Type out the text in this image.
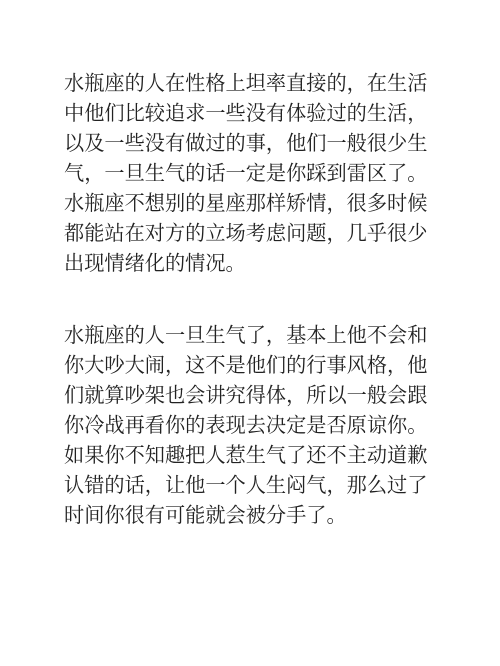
水瓶座的人在性格上坦率直接的，在生活
中他们比较追求一些没有体验过的生活，
以及一些没有做过的事，他们一般很少生
气，一旦生气的话一定是你踩到雷区了。
水瓶座不想别的星座那样矫情，很多时候
都能站在对方的立场考虑问题，几乎很少
出现情绪化的情况。
水瓶座的人一旦生气了，基本上他不会和
你大吵大闹，这不是他们的行事风格，他
们就算吵架也会讲究得体，所以一般会跟
你冷战再看你的表现去决定是否原谅你。
如果你不知趣把人惹生气了还不主动道歉
认错的话，让他一个人生闷气，那么过了
时间你很有可能就会被分手了。
